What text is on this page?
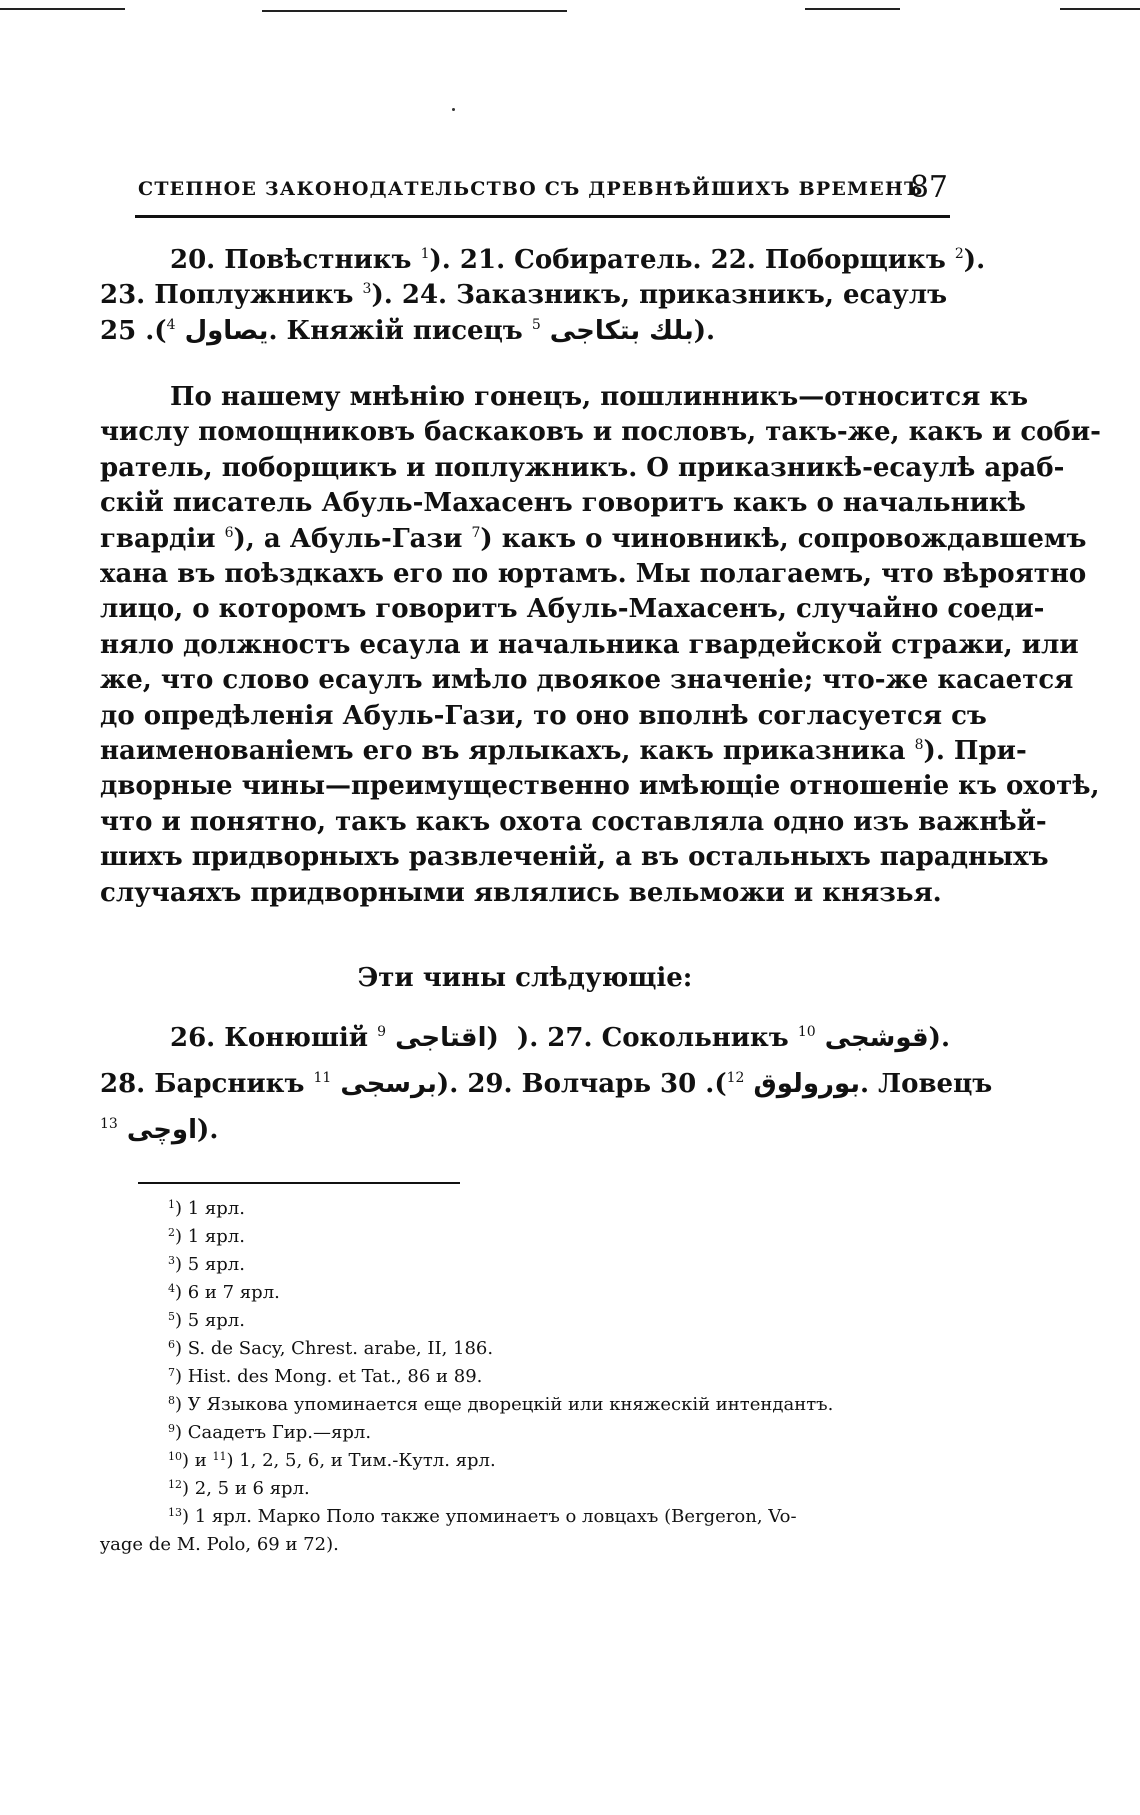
СТЕПНОЕ ЗАКОНОДАТЕЛЬСТВО СЪ ДРЕВНѢЙШИХЪ ВРЕМЕНЪ
87
20. Повѣстникъ $^1$). 21. Собиратель. 22. Поборщикъ $^2$).
23. Поплужникъ $^3$). 24. Заказникъ, приказникъ, есаулъ
يصاول $^4$). 25. Княжій писецъ بلك بتكاجى $^5$	).
По нашему мнѣнію гонецъ, пошлинникъ—относится къ
числу помощниковъ баскаковъ и пословъ, такъ-же, какъ и соби-
ратель, поборщикъ и поплужникъ. О приказникѣ-есаулѣ араб-
скій писатель Абуль-Махасенъ говоритъ какъ о начальникѣ
гвардіи $^6$), а Абуль-Гази $^7$) какъ о чиновникѣ, сопровождавшемъ
хана въ поѣздкахъ его по юртамъ. Мы полагаемъ, что вѣроятно
лицо, о которомъ говоритъ Абуль-Махасенъ, случайно соеди-
няло должностъ есаула и начальника гвардейской стражи, или
же, что слово есаулъ имѣло двоякое значеніе; что-же касается
до опредѣленія Абуль-Гази, то оно вполнѣ согласуется съ
наименованіемъ его въ ярлыкахъ, какъ приказника $^8$). При-
дворные чины—преимущественно имѣющіе отношеніе къ охотѣ,
что и понятно, такъ какъ охота составляла одно изъ важнѣй-
шихъ придворныхъ развлеченій, а въ остальныхъ парадныхъ
случаяхъ придворными являлись вельможи и князья.
Эти чины слѣдующіе:
26. Конюшій اقتاجى $^9$	) ). 27. Сокольникъ قوشجى $^{10}$	).
28. Барсникъ برسجى $^{11}$	). 29. Волчарь	بورولوق $^{12}$). 30. Ловецъ
اوچى $^{13}$	).
$^1$) 1 ярл.
$^2$) 1 ярл.
$^3$) 5 ярл.
$^4$) 6 и 7 ярл.
$^5$) 5 ярл.
$^6$) S. de Sacy, Chrest. arabe, II, 186.
$^7$) Hist. des Mong. et Tat., 86 и 89.
$^8$) У Языкова упоминается еще дворецкій или княжескій интендантъ.
$^9$) Саадетъ Гир.—ярл.
$^{10}$) и $^{11}$) 1, 2, 5, 6, и Тим.-Кутл. ярл.
$^{12}$) 2, 5 и 6 ярл.
$^{13}$) 1 ярл. Марко Поло также упоминаетъ о ловцахъ (Bergeron, Vo-
yage de M. Polo, 69 и 72).
